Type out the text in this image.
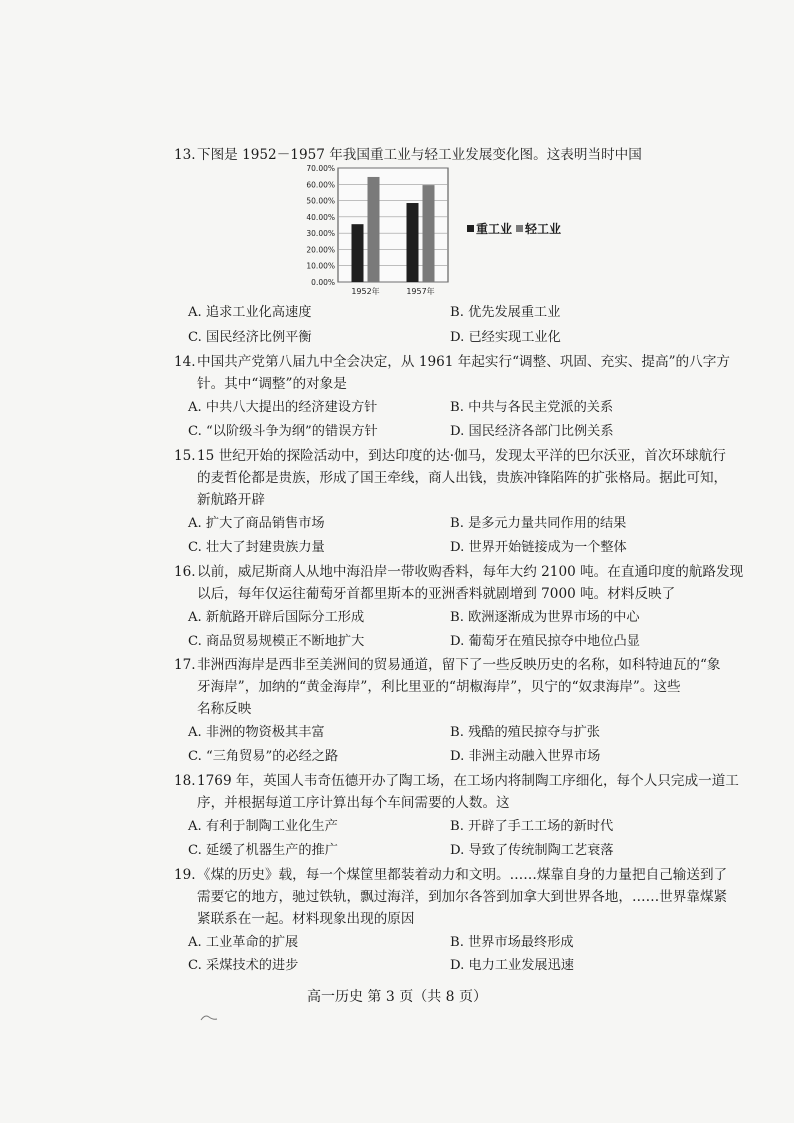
13. 下图是 1952－1957 年我国重工业与轻工业发展变化图。这表明当时中国
0.00%
10.00%
20.00%
30.00%
40.00%
50.00%
60.00%
70.00%
1952年	1957年
重工业 轻工业
A. 追求工业化高速度	B. 优先发展重工业
C. 国民经济比例平衡	D. 已经实现工业化
14. 中国共产党第八届九中全会决定，从 1961 年起实行“调整、巩固、充实、提高”的八字方
针。其中“调整”的对象是
A. 中共八大提出的经济建设方针	B. 中共与各民主党派的关系
C. “以阶级斗争为纲”的错误方针	D. 国民经济各部门比例关系
15. 15 世纪开始的探险活动中，到达印度的达·伽马，发现太平洋的巴尔沃亚，首次环球航行
的麦哲伦都是贵族，形成了国王牵线，商人出钱，贵族冲锋陷阵的扩张格局。据此可知，
新航路开辟
A. 扩大了商品销售市场	B. 是多元力量共同作用的结果
C. 壮大了封建贵族力量	D. 世界开始链接成为一个整体
16. 以前，威尼斯商人从地中海沿岸一带收购香料，每年大约 2100 吨。在直通印度的航路发现
以后，每年仅运往葡萄牙首都里斯本的亚洲香料就剧增到 7000 吨。材料反映了
A. 新航路开辟后国际分工形成	B. 欧洲逐渐成为世界市场的中心
C. 商品贸易规模正不断地扩大	D. 葡萄牙在殖民掠夺中地位凸显
17. 非洲西海岸是西非至美洲间的贸易通道，留下了一些反映历史的名称，如科特迪瓦的“象
牙海岸”，加纳的“黄金海岸”，利比里亚的“胡椒海岸”，贝宁的“奴隶海岸”。这些
名称反映
A. 非洲的物资极其丰富	B. 残酷的殖民掠夺与扩张
C. “三角贸易”的必经之路	D. 非洲主动融入世界市场
18. 1769 年，英国人韦奇伍德开办了陶工场，在工场内将制陶工序细化，每个人只完成一道工
序，并根据每道工序计算出每个车间需要的人数。这
A. 有利于制陶工业化生产	B. 开辟了手工工场的新时代
C. 延缓了机器生产的推广	D. 导致了传统制陶工艺衰落
19. 《煤的历史》载，每一个煤筐里都装着动力和文明。……煤靠自身的力量把自己输送到了
需要它的地方，驰过铁轨，飘过海洋，到加尔各答到加拿大到世界各地，……世界靠煤紧
紧联系在一起。材料现象出现的原因
A. 工业革命的扩展	B. 世界市场最终形成
C. 采煤技术的进步	D. 电力工业发展迅速
高一历史 第 3 页（共 8 页）
